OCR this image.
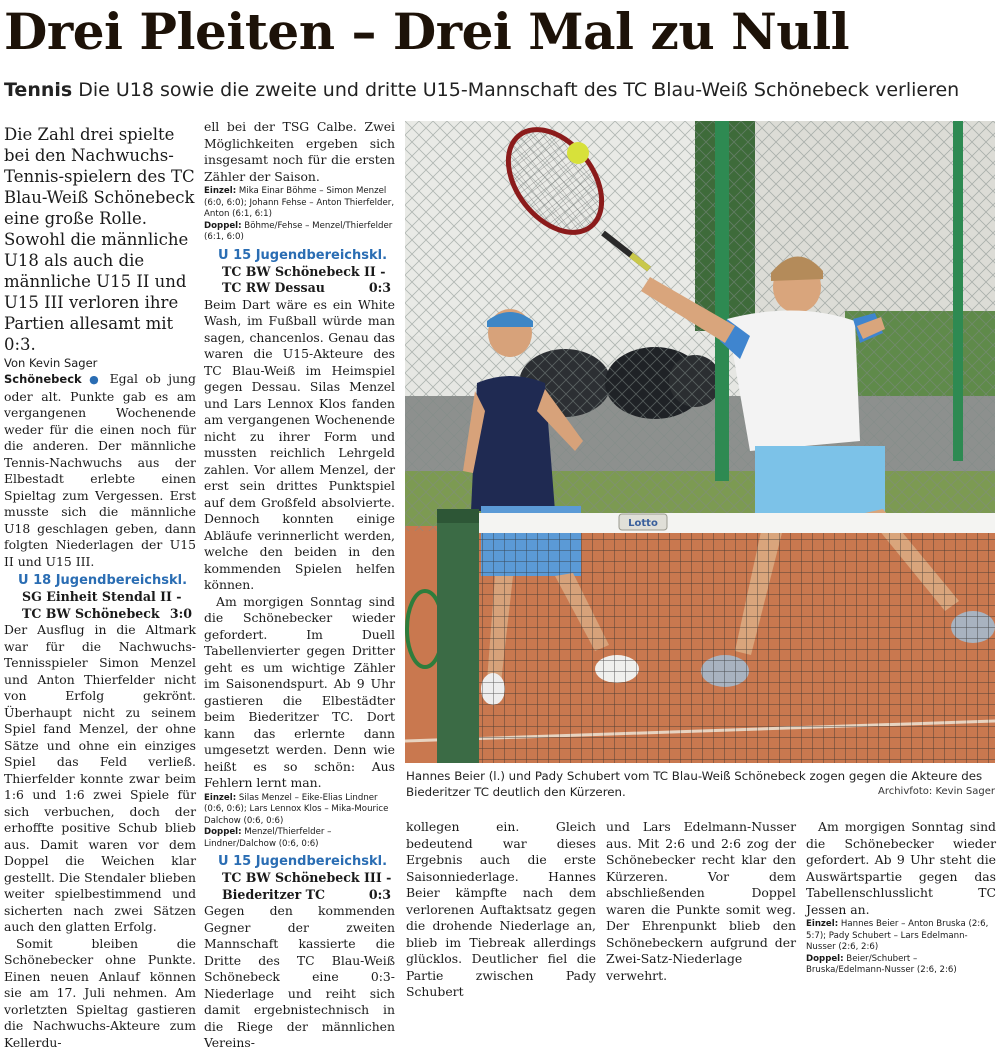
Drei Pleiten – Drei Mal zu Null
Tennis Die U18 sowie die zweite und dritte U15-Mannschaft des TC Blau-Weiß Schönebeck verlieren

Die Zahl drei spielte bei den Nachwuchs-Tennis-spielern des TC Blau-Weiß Schönebeck eine große Rolle. Sowohl die männliche U18 als auch die männliche U15 II und U15 III verloren ihre Partien allesamt mit 0:3.

Von Kevin Sager

Schönebeck ● Egal ob jung oder alt. Punkte gab es am vergangenen Wochenende weder für die einen noch für die anderen. Der männliche Tennis-Nachwuchs aus der Elbestadt erlebte einen Spieltag zum Vergessen. Erst musste sich die männliche U18 geschlagen geben, dann folgten Niederlagen der U15 II und U15 III.

U 18 Jugendbereichskl.
SG Einheit Stendal II -
TC BW Schönebeck 3:0

Der Ausflug in die Altmark war für die Nachwuchs-Tennisspieler Simon Menzel und Anton Thierfelder nicht von Erfolg gekrönt. Überhaupt nicht zu seinem Spiel fand Menzel, der ohne Sätze und ohne ein einziges Spiel das Feld verließ. Thierfelder konnte zwar beim 1:6 und 1:6 zwei Spiele für sich verbuchen, doch der erhoffte positive Schub blieb aus. Damit waren vor dem Doppel die Weichen klar gestellt. Die Stendaler blieben weiter spielbestimmend und sicherten nach zwei Sätzen auch den glatten Erfolg.

Somit bleiben die Schönebecker ohne Punkte. Einen neuen Anlauf können sie am 17. Juli nehmen. Am vorletzten Spieltag gastieren die Nachwuchs-Akteure zum Kellerdu-

ell bei der TSG Calbe. Zwei Möglichkeiten ergeben sich insgesamt noch für die ersten Zähler der Saison.

Einzel: Mika Einar Böhme – Simon Menzel (6:0, 6:0); Johann Fehse – Anton Thierfelder, Anton (6:1, 6:1)
Doppel: Böhme/Fehse – Menzel/Thierfelder (6:1, 6:0)
U 15 Jugendbereichskl.
TC BW Schönebeck II -
TC RW Dessau	0:3

Beim Dart wäre es ein White Wash, im Fußball würde man sagen, chancenlos. Genau das waren die U15-Akteure des TC Blau-Weiß im Heimspiel gegen Dessau. Silas Menzel und Lars Lennox Klos fanden am vergangenen Wochenende nicht zu ihrer Form und mussten reichlich Lehrgeld zahlen. Vor allem Menzel, der erst sein drittes Punktspiel auf dem Großfeld absolvierte. Dennoch konnten einige Abläufe verinnerlicht werden, welche den beiden in den kommenden Spielen helfen können.

Am morgigen Sonntag sind die Schönebecker wieder gefordert. Im Duell Tabellenvierter gegen Dritter geht es um wichtige Zähler im Saisonendspurt. Ab 9 Uhr gastieren die Elbestädter beim Biederitzer TC. Dort kann das erlernte dann umgesetzt werden. Denn wie heißt es so schön: Aus Fehlern lernt man.

Einzel: Silas Menzel – Eike-Elias Lindner (0:6, 0:6); Lars Lennox Klos – Mika-Mourice Dalchow (0:6, 0:6)
Doppel: Menzel/Thierfelder – Lindner/Dalchow (0:6, 0:6)
U 15 Jugendbereichskl.
TC BW Schönebeck III -
Biederitzer TC	0:3

Gegen den kommenden Gegner der zweiten Mannschaft kassierte die Dritte des TC Blau-Weiß Schönebeck eine 0:3-Niederlage und reiht sich damit ergebnistechnisch in die Riege der männlichen Vereins-

Lotto
Hannes Beier (l.) und Pady Schubert vom TC Blau-Weiß Schönebeck zogen gegen die Akteure des Biederitzer TC deutlich den Kürzeren.	Archivfoto: Kevin Sager

kollegen ein. Gleich bedeutend war dieses Ergebnis auch die erste Saisonniederlage. Hannes Beier kämpfte nach dem verlorenen Auftaktsatz gegen die drohende Niederlage an, blieb im Tiebreak allerdings glücklos. Deutlicher fiel die Partie zwischen Pady Schubert

und Lars Edelmann-Nusser aus. Mit 2:6 und 2:6 zog der Schönebecker recht klar den Kürzeren. Vor dem abschließenden Doppel waren die Punkte somit weg. Der Ehrenpunkt blieb den Schönebeckern aufgrund der Zwei-Satz-Niederlage verwehrt.

Am morgigen Sonntag sind die Schönebecker wieder gefordert. Ab 9 Uhr steht die Auswärtspartie gegen das Tabellenschlusslicht TC Jessen an.

Einzel: Hannes Beier – Anton Bruska (2:6, 5:7); Pady Schubert – Lars Edelmann-Nusser (2:6, 2:6)
Doppel: Beier/Schubert – Bruska/Edelmann-Nusser (2:6, 2:6)
